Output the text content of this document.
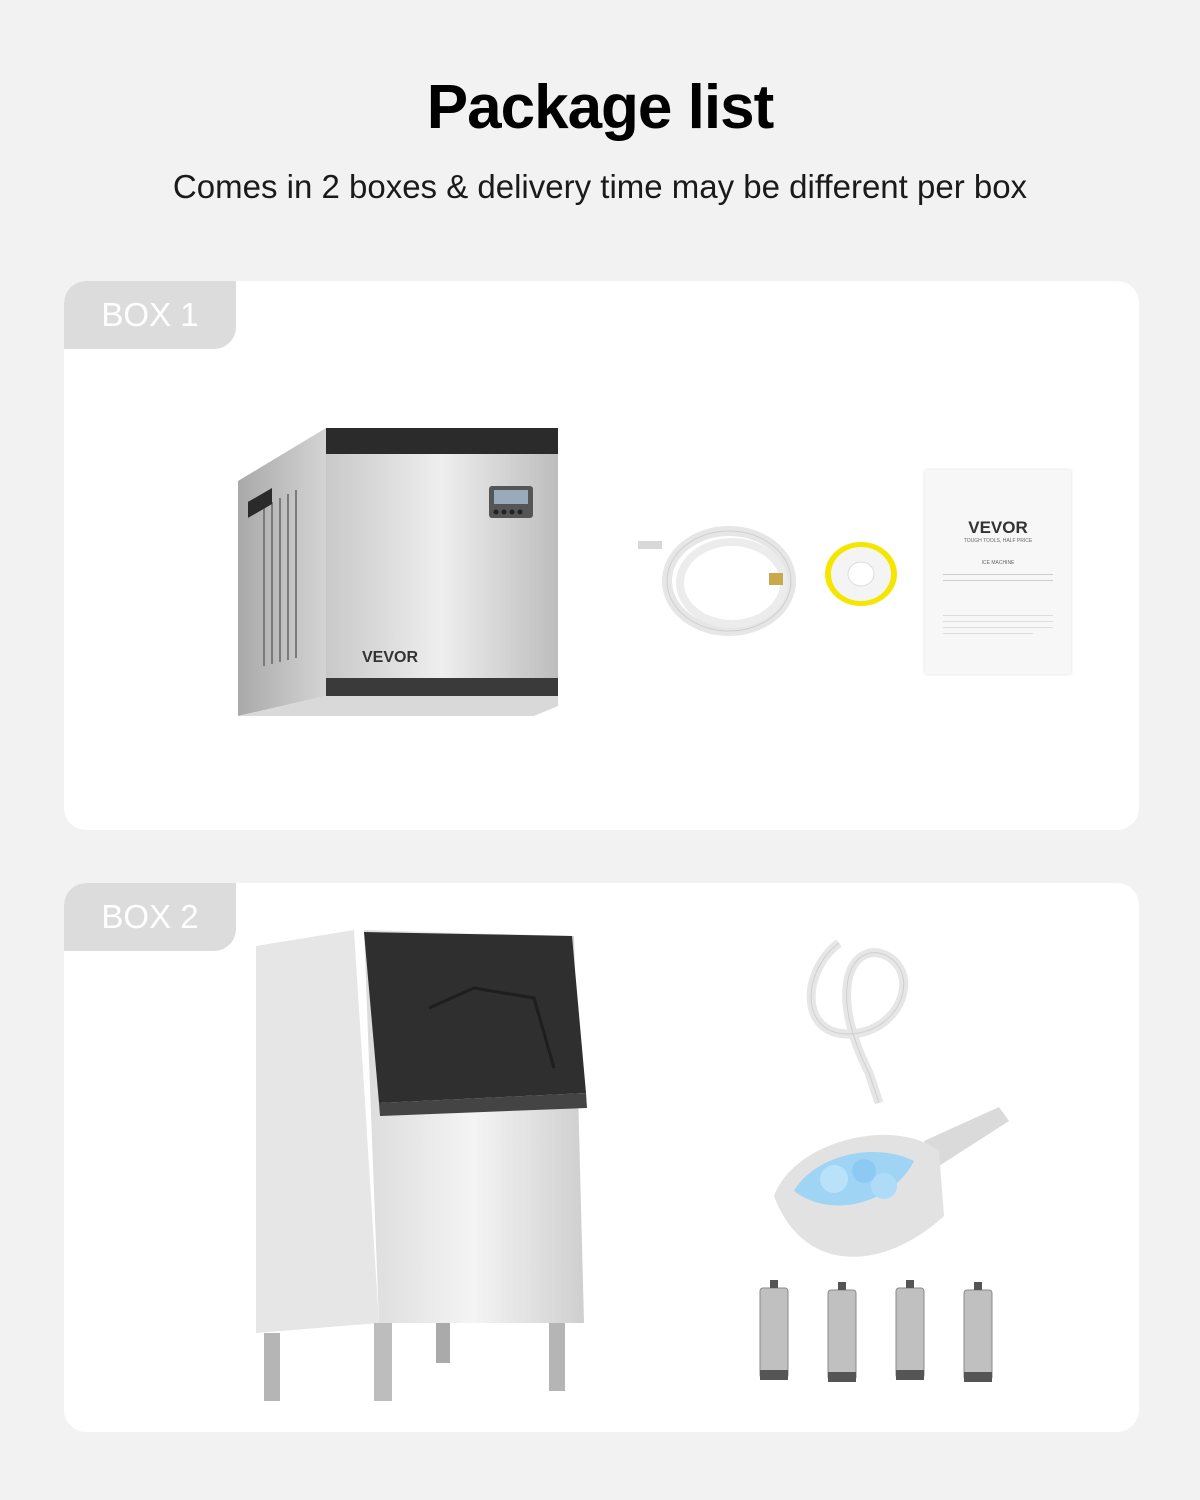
Package list
Comes in 2 boxes & delivery time may be different per box
BOX 1
VEVOR
VEVOR
TOUGH TOOLS, HALF PRICE
ICE MACHINE
BOX 2
